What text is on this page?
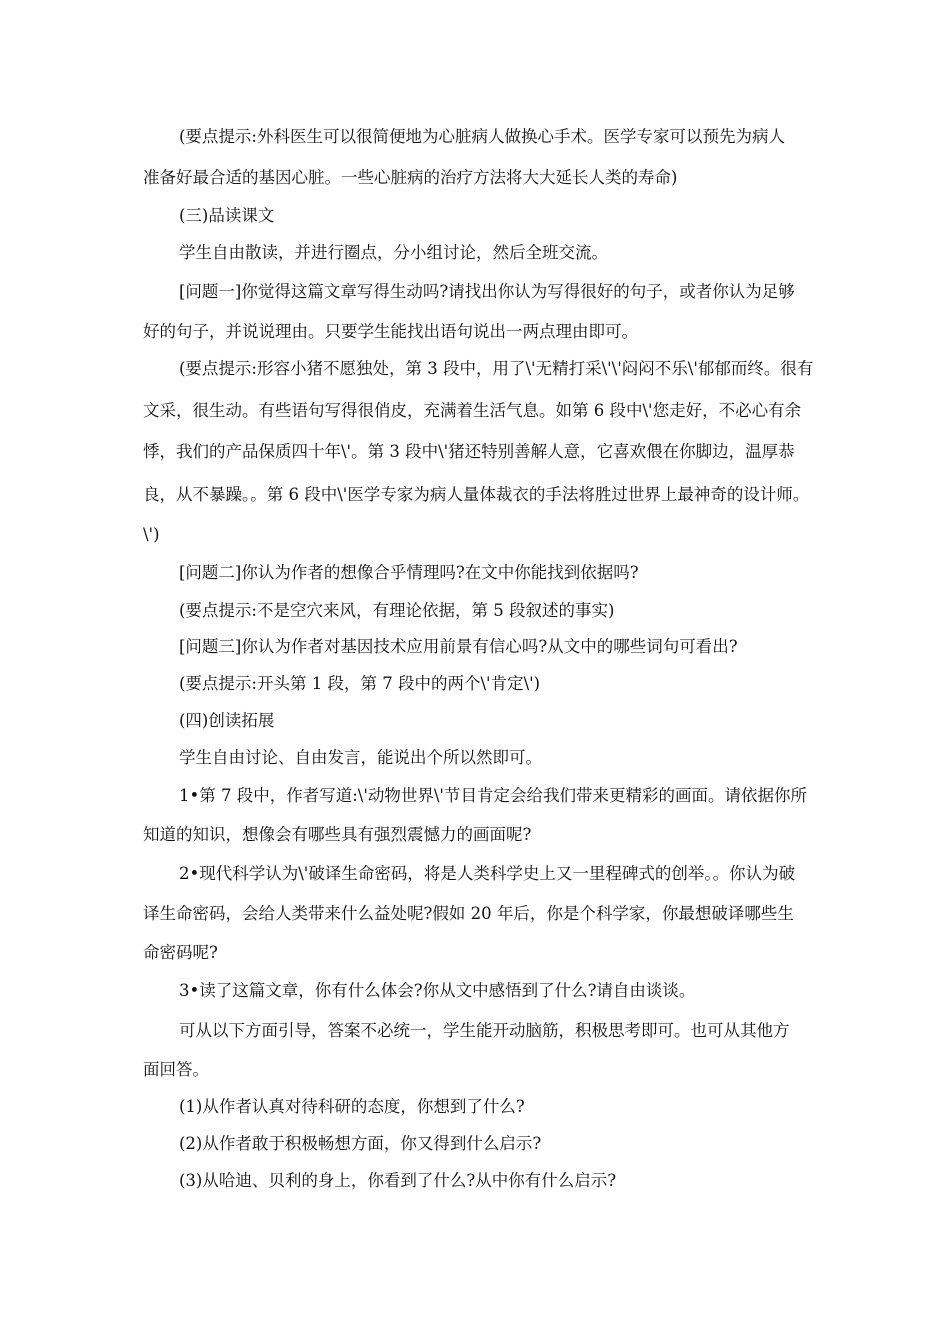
(要点提示:外科医生可以很简便地为心脏病人做换心手术。医学专家可以预先为病人
准备好最合适的基因心脏。一些心脏病的治疗方法将大大延长人类的寿命)
(三)品读课文
学生自由散读，并进行圈点，分小组讨论，然后全班交流。
[问题一]你觉得这篇文章写得生动吗?请找出你认为写得很好的句子，或者你认为足够
好的句子，并说说理由。只要学生能找出语句说出一两点理由即可。
(要点提示:形容小猪不愿独处，第 3 段中，用了\'无精打采\'\'闷闷不乐\'郁郁而终。很有
文采，很生动。有些语句写得很俏皮，充满着生活气息。如第 6 段中\'您走好，不必心有余
悸，我们的产品保质四十年\'。第 3 段中\'猪还特别善解人意，它喜欢偎在你脚边，温厚恭
良，从不暴躁。。第 6 段中\'医学专家为病人量体裁衣的手法将胜过世界上最神奇的设计师。
\')
[问题二]你认为作者的想像合乎情理吗?在文中你能找到依据吗?
(要点提示:不是空穴来风，有理论依据，第 5 段叙述的事实)
[问题三]你认为作者对基因技术应用前景有信心吗?从文中的哪些词句可看出?
(要点提示:开头第 1 段，第 7 段中的两个\'肯定\')
(四)创读拓展
学生自由讨论、自由发言，能说出个所以然即可。
1•第 7 段中，作者写道:\'动物世界\'节目肯定会给我们带来更精彩的画面。请依据你所
知道的知识，想像会有哪些具有强烈震憾力的画面呢?
2•现代科学认为\'破译生命密码，将是人类科学史上又一里程碑式的创举。。你认为破
译生命密码，会给人类带来什么益处呢?假如 20 年后，你是个科学家，你最想破译哪些生
命密码呢?
3•读了这篇文章，你有什么体会?你从文中感悟到了什么?请自由谈谈。
可从以下方面引导，答案不必统一，学生能开动脑筋，积极思考即可。也可从其他方
面回答。
(1)从作者认真对待科研的态度，你想到了什么?
(2)从作者敢于积极畅想方面，你又得到什么启示?
(3)从哈迪、贝利的身上，你看到了什么?从中你有什么启示?
